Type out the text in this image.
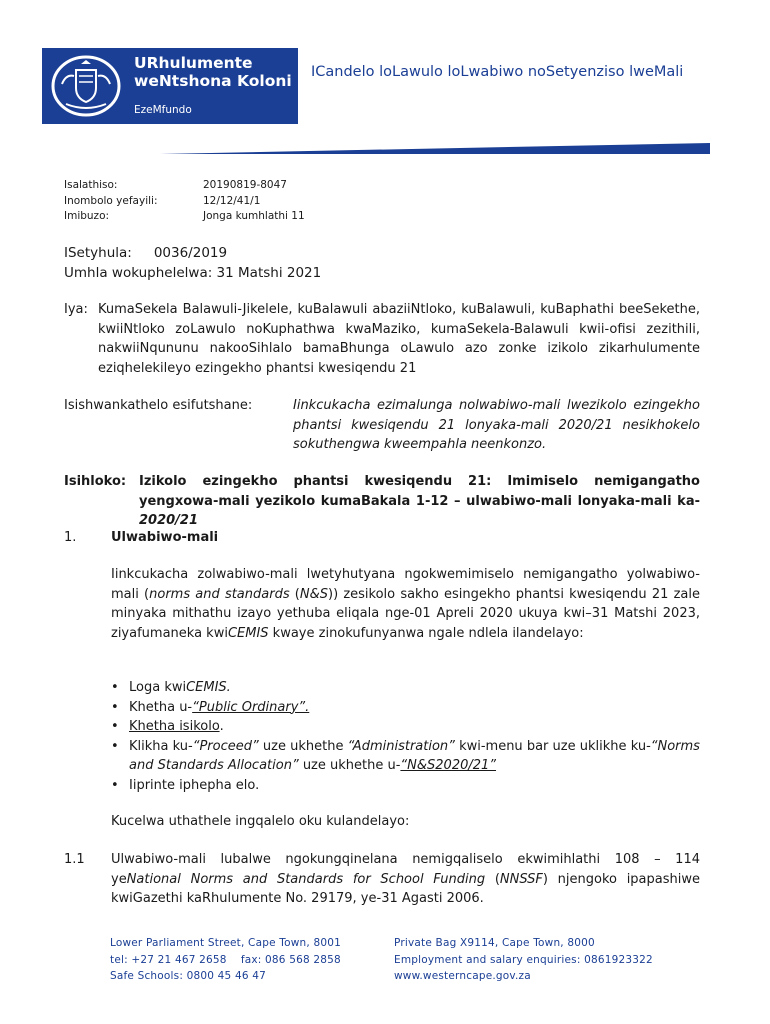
URhulumente
weNtshona Koloni
EzeMfundo
ICandelo loLawulo loLwabiwo noSetyenziso lweMali
Isalathiso:	20190819-8047
Inombolo yefayili:	12/12/41/1
Imibuzo:	Jonga kumhlathi 11
ISetyhula: 0036/2019
Umhla wokuphelelwa: 31 Matshi 2021
Iya: KumaSekela Balawuli-Jikelele, kuBalawuli abaziiNtloko, kuBalawuli, kuBaphathi beeSekethe, kwiiNtloko zoLawulo noKuphathwa kwaMaziko, kumaSekela-Balawuli kwii-ofisi zezithili, nakwiiNqununu nakooSihlalo bamaBhunga oLawulo azo zonke izikolo zikarhulumente eziqhelekileyo ezingekho phantsi kwesiqendu 21
Isishwankathelo esifutshane:	Iinkcukacha ezimalunga nolwabiwo-mali lwezikolo ezingekho phantsi kwesiqendu 21 lonyaka-mali 2020/21 nesikhokelo sokuthengwa kweempahla neenkonzo.
Isihloko: Izikolo ezingekho phantsi kwesiqendu 21: Imimiselo nemigangatho yengxowa-mali yezikolo kumaBakala 1-12 – ulwabiwo-mali lonyaka-mali ka-2020/21
1.	Ulwabiwo-mali
Iinkcukacha zolwabiwo-mali lwetyhutyana ngokwemimiselo nemigangatho yolwabiwo-mali (norms and standards (N&S)) zesikolo sakho esingekho phantsi kwesiqendu 21 zale minyaka mithathu izayo yethuba eliqala nge-01 Apreli 2020 ukuya kwi–31 Matshi 2023, ziyafumaneka kwiCEMIS kwaye zinokufunyanwa ngale ndlela ilandelayo:
• Loga kwiCEMIS.
• Khetha u-“Public Ordinary”.
• Khetha isikolo.
• Klikha ku-“Proceed” uze ukhethe “Administration” kwi-menu bar uze uklikhe ku-“Norms and Standards Allocation” uze ukhethe u-“N&S2020/21”
• Iiprinte iphepha elo.
Kucelwa uthathele ingqalelo oku kulandelayo:
1.1 Ulwabiwo-mali lubalwe ngokungqinelana nemigqaliselo ekwimihlathi 108 – 114 yeNational Norms and Standards for School Funding (NNSSF) njengoko ipapashiwe kwiGazethi kaRhulumente No. 29179, ye-31 Agasti 2006.
Lower Parliament Street, Cape Town, 8001
tel: +27 21 467 2658    fax: 086 568 2858
Safe Schools: 0800 45 46 47
Private Bag X9114, Cape Town, 8000
Employment and salary enquiries: 0861923322
www.westerncape.gov.za
